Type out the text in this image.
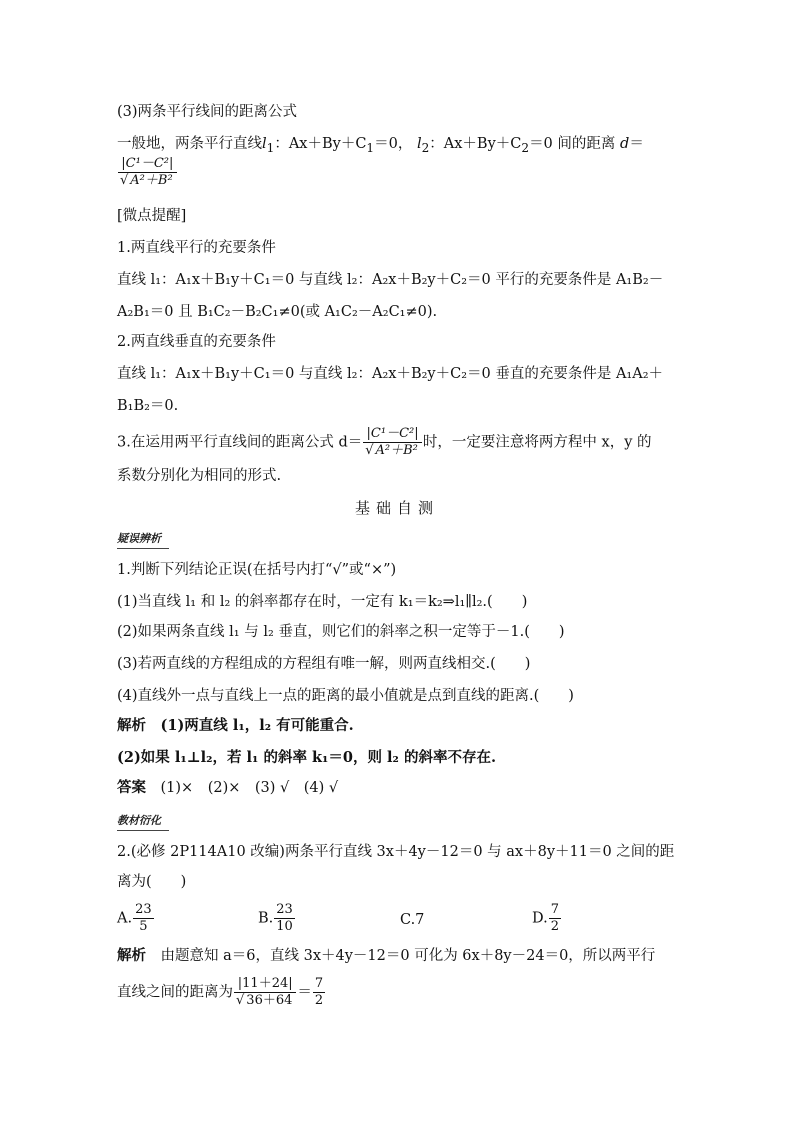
(3)两条平行线间的距离公式
一般地，两条平行直线$l_1$：$Ax+By+C_1=0$， $l_2$：$Ax+By+C_2=0$ 间的距离 d＝
$\frac{\text{|C¹－C²|}}{\text{√ A²＋B²}}$
[微点提醒]
1.两直线平行的充要条件
直线 l₁：A₁x＋B₁y＋C₁＝0 与直线 l₂：A₂x＋B₂y＋C₂＝0 平行的充要条件是 A₁B₂－
A₂B₁＝0 且 B₁C₂－B₂C₁≠0(或 A₁C₂－A₂C₁≠0).
2.两直线垂直的充要条件
直线 l₁：A₁x＋B₁y＋C₁＝0 与直线 l₂：A₂x＋B₂y＋C₂＝0 垂直的充要条件是 A₁A₂＋
B₁B₂＝0.
3.在运用两平行直线间的距离公式 $d= \frac{\text{|C¹－C²|}}{\text{√ A²＋B²}}$ 时，一定要注意将两方程中 x，y 的
系数分别化为相同的形式.
基础自测
疑误辨析
1.判断下列结论正误(在括号内打“√”或“×”)
(1)当直线 l₁ 和 l₂ 的斜率都存在时，一定有 k₁＝k₂⇒l₁∥l₂.(　　)
(2)如果两条直线 l₁ 与 l₂ 垂直，则它们的斜率之积一定等于－1.(　　)
(3)若两直线的方程组成的方程组有唯一解，则两直线相交.(　　)
(4)直线外一点与直线上一点的距离的最小值就是点到直线的距离.(　　)
解析　 (1)两直线 l₁，l₂ 有可能重合.
(2)如果 l₁⊥l₂，若 l₁ 的斜率 k₁＝0，则 l₂ 的斜率不存在.
答案　 (1)×　(2)×　(3) √　(4) √
教材衍化
2.(必修 2P114A10 改编)两条平行直线 3x＋4y－12＝0 与 ax＋8y＋11＝0 之间的距
离为(　　)
A. $\frac{23}{5}$	B. $\frac{23}{10}$	C.7	D. $\frac{7}{2}$
解析　 由题意知 a＝6，直线 3x＋4y－12＝0 可化为 6x＋8y－24＝0，所以两平行
直线之间的距离为 $\frac{|11+24|}{√ 36+64} = \frac{7}{2}$
